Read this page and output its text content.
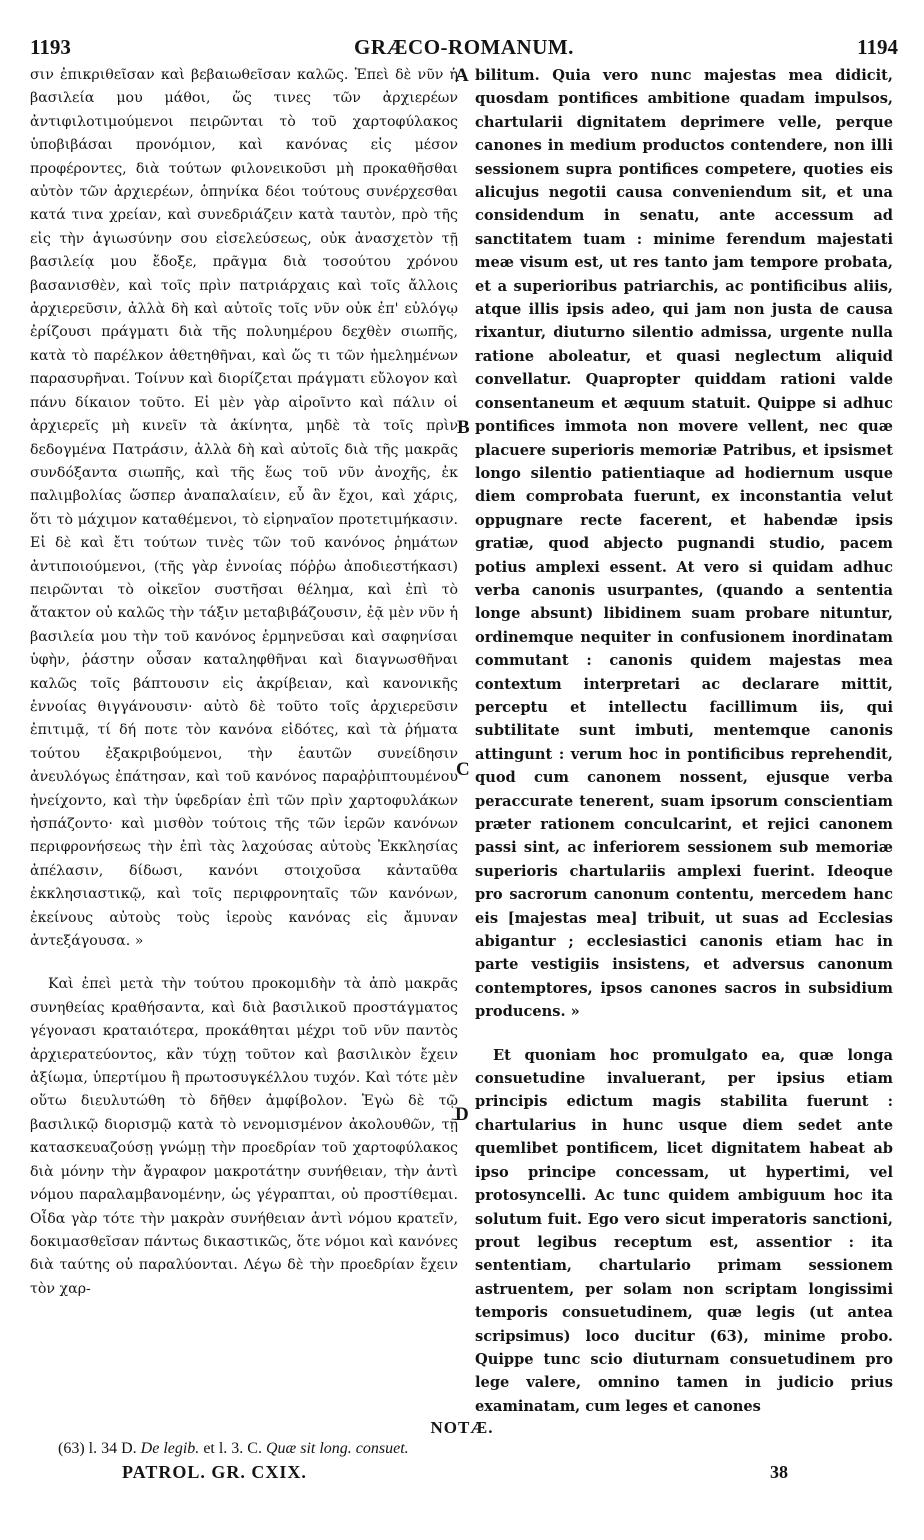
1193	GRÆCO-ROMANUM.	1194

σιν ἐπικριθεῖσαν καὶ βεβαιωθεῖσαν καλῶς. Ἐπεὶ δὲ νῦν ἡ βασιλεία μου μάθοι, ὥς τινες τῶν ἀρχιερέων ἀντιφιλοτιμούμενοι πειρῶνται τὸ τοῦ χαρτοφύλακος ὑποβιβάσαι προνόμιον, καὶ κανόνας εἰς μέσον προφέροντες, διὰ τούτων φιλονεικοῦσι μὴ προκαθῆσθαι αὐτὸν τῶν ἀρχιερέων, ὁπηνίκα δέοι τούτους συνέρχεσθαι κατά τινα χρείαν, καὶ συνεδριάζειν κατὰ ταυτὸν, πρὸ τῆς εἰς τὴν ἁγιωσύνην σου εἰσελεύσεως, οὐκ ἀνασχετὸν τῇ βασιλείᾳ μου ἔδοξε, πρᾶγμα διὰ τοσούτου χρόνου βασανισθὲν, καὶ τοῖς πρὶν πατριάρχαις καὶ τοῖς ἄλλοις ἀρχιερεῦσιν, ἀλλὰ δὴ καὶ αὐτοῖς τοῖς νῦν οὐκ ἐπ' εὐλόγῳ ἐρίζουσι πράγματι διὰ τῆς πολυημέρου δεχθὲν σιωπῆς, κατὰ τὸ παρέλκον ἀθετηθῆναι, καὶ ὥς τι τῶν ἠμελημένων παρασυρῆναι. Τοίνυν καὶ διορίζεται πράγματι εὔλογον καὶ πάνυ δίκαιον τοῦτο. Εἰ μὲν γὰρ αἱροῖντο καὶ πάλιν οἱ ἀρχιερεῖς μὴ κινεῖν τὰ ἀκίνητα, μηδὲ τὰ τοῖς πρὶν δεδογμένα Πατράσιν, ἀλλὰ δὴ καὶ αὐτοῖς διὰ τῆς μακρᾶς συνδόξαντα σιωπῆς, καὶ τῆς ἕως τοῦ νῦν ἀνοχῆς, ἐκ παλιμβολίας ὥσπερ ἀναπαλαίειν, εὖ ἂν ἔχοι, καὶ χάρις, ὅτι τὸ μάχιμον καταθέμενοι, τὸ εἰρηναῖον προτετιμήκασιν. Εἰ δὲ καὶ ἔτι τούτων τινὲς τῶν τοῦ κανόνος ῥημάτων ἀντιποιούμενοι, (τῆς γὰρ ἐννοίας πόῤῥω ἀποδιεστήκασι) πειρῶνται τὸ οἰκεῖον συστῆσαι θέλημα, καὶ ἐπὶ τὸ ἄτακτον οὐ καλῶς τὴν τάξιν μεταβιβάζουσιν, ἐᾷ μὲν νῦν ἡ βασιλεία μου τὴν τοῦ κανόνος ἑρμηνεῦσαι καὶ σαφηνίσαι ὑφὴν, ῥάστην οὖσαν καταληφθῆναι καὶ διαγνωσθῆναι καλῶς τοῖς βάπτουσιν εἰς ἀκρίβειαν, καὶ κανονικῆς ἐννοίας θιγγάνουσιν· αὐτὸ δὲ τοῦτο τοῖς ἀρχιερεῦσιν ἐπιτιμᾷ, τί δή ποτε τὸν κανόνα εἰδότες, καὶ τὰ ῥήματα τούτου ἐξακριβούμενοι, τὴν ἑαυτῶν συνείδησιν ἀνευλόγως ἐπάτησαν, καὶ τοῦ κανόνος παραῤῥιπτουμένου ἠνείχοντο, καὶ τὴν ὑφεδρίαν ἐπὶ τῶν πρὶν χαρτοφυλάκων ἠσπάζοντο· καὶ μισθὸν τούτοις τῆς τῶν ἱερῶν κανόνων περιφρονήσεως τὴν ἐπὶ τὰς λαχούσας αὐτοὺς Ἐκκλησίας ἀπέλασιν, δίδωσι, κανόνι στοιχοῦσα κἀνταῦθα ἐκκλησιαστικῷ, καὶ τοῖς περιφρονηταῖς τῶν κανόνων, ἐκείνους αὐτοὺς τοὺς ἱεροὺς κανόνας εἰς ἄμυναν ἀντεξάγουσα. »

Καὶ ἐπεὶ μετὰ τὴν τούτου προκομιδὴν τὰ ἀπὸ μακρᾶς συνηθείας κραθήσαντα, καὶ διὰ βασιλικοῦ προστάγματος γέγονασι κραταιότερα, προκάθηται μέχρι τοῦ νῦν παντὸς ἀρχιερατεύοντος, κἂν τύχῃ τοῦτον καὶ βασιλικὸν ἔχειν ἀξίωμα, ὑπερτίμου ἢ πρωτοσυγκέλλου τυχόν. Καὶ τότε μὲν οὕτω διευλυτώθη τὸ δῆθεν ἀμφίβολον. Ἐγὼ δὲ τῷ βασιλικῷ διορισμῷ κατὰ τὸ νενομισμένον ἀκολουθῶν, τῇ κατασκευαζούσῃ γνώμῃ τὴν προεδρίαν τοῦ χαρτοφύλακος διὰ μόνην τὴν ἄγραφον μακροτάτην συνήθειαν, τὴν ἀντὶ νόμου παραλαμβανομένην, ὡς γέγραπται, οὐ προστίθεμαι. Οἶδα γὰρ τότε τὴν μακρὰν συνήθειαν ἀντὶ νόμου κρατεῖν, δοκιμασθεῖσαν πάντως δικαστικῶς, ὅτε νόμοι καὶ κανόνες διὰ ταύτης οὐ παραλύονται. Λέγω δὲ τὴν προεδρίαν ἔχειν τὸν χαρ-

A
B
C
D

bilitum. Quia vero nunc majestas mea didicit, quosdam pontifices ambitione quadam impulsos, chartularii dignitatem deprimere velle, perque canones in medium productos contendere, non illi sessionem supra pontifices competere, quoties eis alicujus negotii causa conveniendum sit, et una considendum in senatu, ante accessum ad sanctitatem tuam : minime ferendum majestati meæ visum est, ut res tanto jam tempore probata, et a superioribus patriarchis, ac pontificibus aliis, atque illis ipsis adeo, qui jam non justa de causa rixantur, diuturno silentio admissa, urgente nulla ratione aboleatur, et quasi neglectum aliquid convellatur. Quapropter quiddam rationi valde consentaneum et æquum statuit. Quippe si adhuc pontifices immota non movere vellent, nec quæ placuere superioris memoriæ Patribus, et ipsismet longo silentio patientiaque ad hodiernum usque diem comprobata fuerunt, ex inconstantia velut oppugnare recte facerent, et habendæ ipsis gratiæ, quod abjecto pugnandi studio, pacem potius amplexi essent. At vero si quidam adhuc verba canonis usurpantes, (quando a sententia longe absunt) libidinem suam probare nituntur, ordinemque nequiter in confusionem inordinatam commutant : canonis quidem majestas mea contextum interpretari ac declarare mittit, perceptu et intellectu facillimum iis, qui subtilitate sunt imbuti, mentemque canonis attingunt : verum hoc in pontificibus reprehendit, quod cum canonem nossent, ejusque verba peraccurate tenerent, suam ipsorum conscientiam præter rationem conculcarint, et rejici canonem passi sint, ac inferiorem sessionem sub memoriæ superioris chartulariis amplexi fuerint. Ideoque pro sacrorum canonum contentu, mercedem hanc eis [majestas mea] tribuit, ut suas ad Ecclesias abigantur ; ecclesiastici canonis etiam hac in parte vestigiis insistens, et adversus canonum contemptores, ipsos canones sacros in subsidium producens. »

Et quoniam hoc promulgato ea, quæ longa consuetudine invaluerant, per ipsius etiam principis edictum magis stabilita fuerunt : chartularius in hunc usque diem sedet ante quemlibet pontificem, licet dignitatem habeat ab ipso principe concessam, ut hypertimi, vel protosyncelli. Ac tunc quidem ambiguum hoc ita solutum fuit. Ego vero sicut imperatoris sanctioni, prout legibus receptum est, assentior : ita sententiam, chartulario primam sessionem astruentem, per solam non scriptam longissimi temporis consuetudinem, quæ legis (ut antea scripsimus) loco ducitur (63), minime probo. Quippe tunc scio diuturnam consuetudinem pro lege valere, omnino tamen in judicio prius examinatam, cum leges et canones

NOTÆ.
(63) l. 34 D. De legib. et l. 3. C. Quæ sit long. consuet.
PATROL. GR. CXIX.	38
